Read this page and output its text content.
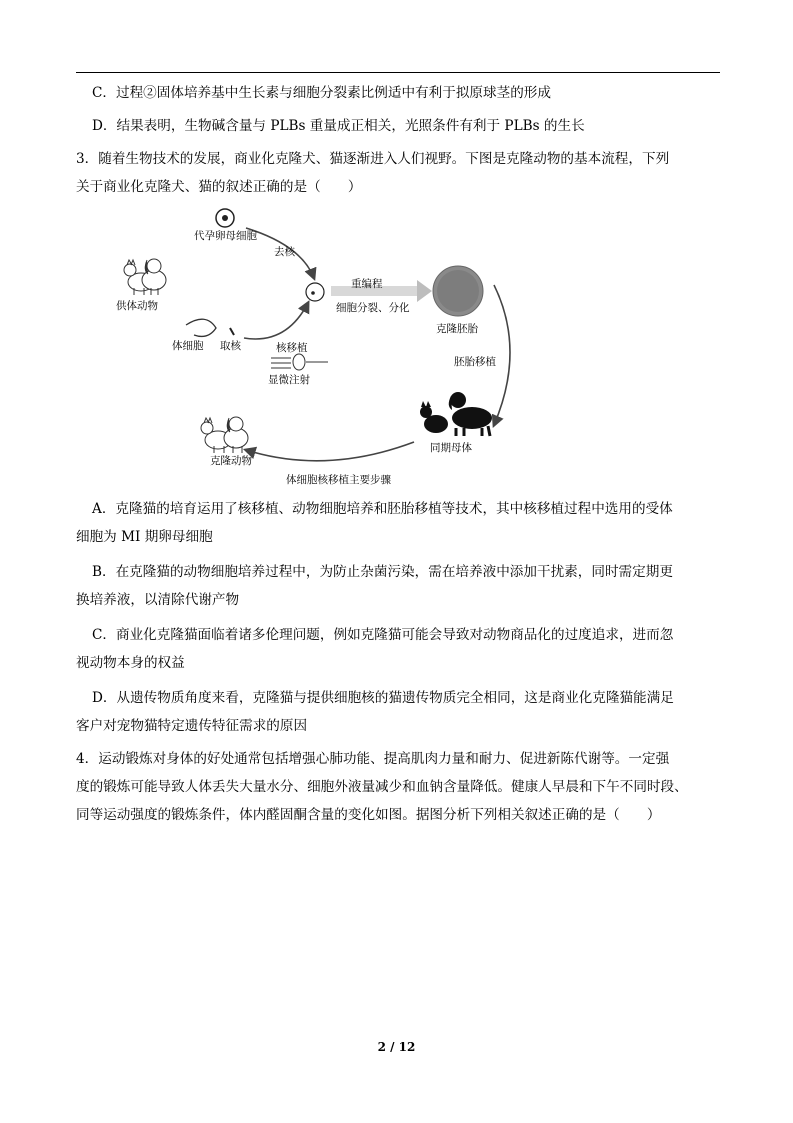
C．过程②固体培养基中生长素与细胞分裂素比例适中有利于拟原球茎的形成
D．结果表明，生物碱含量与 PLBs 重量成正相关，光照条件有利于 PLBs 的生长
3．随着生物技术的发展，商业化克隆犬、猫逐渐进入人们视野。下图是克隆动物的基本流程，下列
关于商业化克隆犬、猫的叙述正确的是（　　）
代孕卵母细胞
去核
供体动物
体细胞 取核	核移植
显微注射
重编程
细胞分裂、分化
克隆胚胎
胚胎移植
同期母体
克隆动物
体细胞核移植主要步骤
A．克隆猫的培育运用了核移植、动物细胞培养和胚胎移植等技术，其中核移植过程中选用的受体
细胞为 MI 期卵母细胞
B．在克隆猫的动物细胞培养过程中，为防止杂菌污染，需在培养液中添加干扰素，同时需定期更
换培养液，以清除代谢产物
C．商业化克隆猫面临着诸多伦理问题，例如克隆猫可能会导致对动物商品化的过度追求，进而忽
视动物本身的权益
D．从遗传物质角度来看，克隆猫与提供细胞核的猫遗传物质完全相同，这是商业化克隆猫能满足
客户对宠物猫特定遗传特征需求的原因
4．运动锻炼对身体的好处通常包括增强心肺功能、提高肌肉力量和耐力、促进新陈代谢等。一定强
度的锻炼可能导致人体丢失大量水分、细胞外液量减少和血钠含量降低。健康人早晨和下午不同时段、
同等运动强度的锻炼条件，体内醛固酮含量的变化如图。据图分析下列相关叙述正确的是（　　）
2 / 12
